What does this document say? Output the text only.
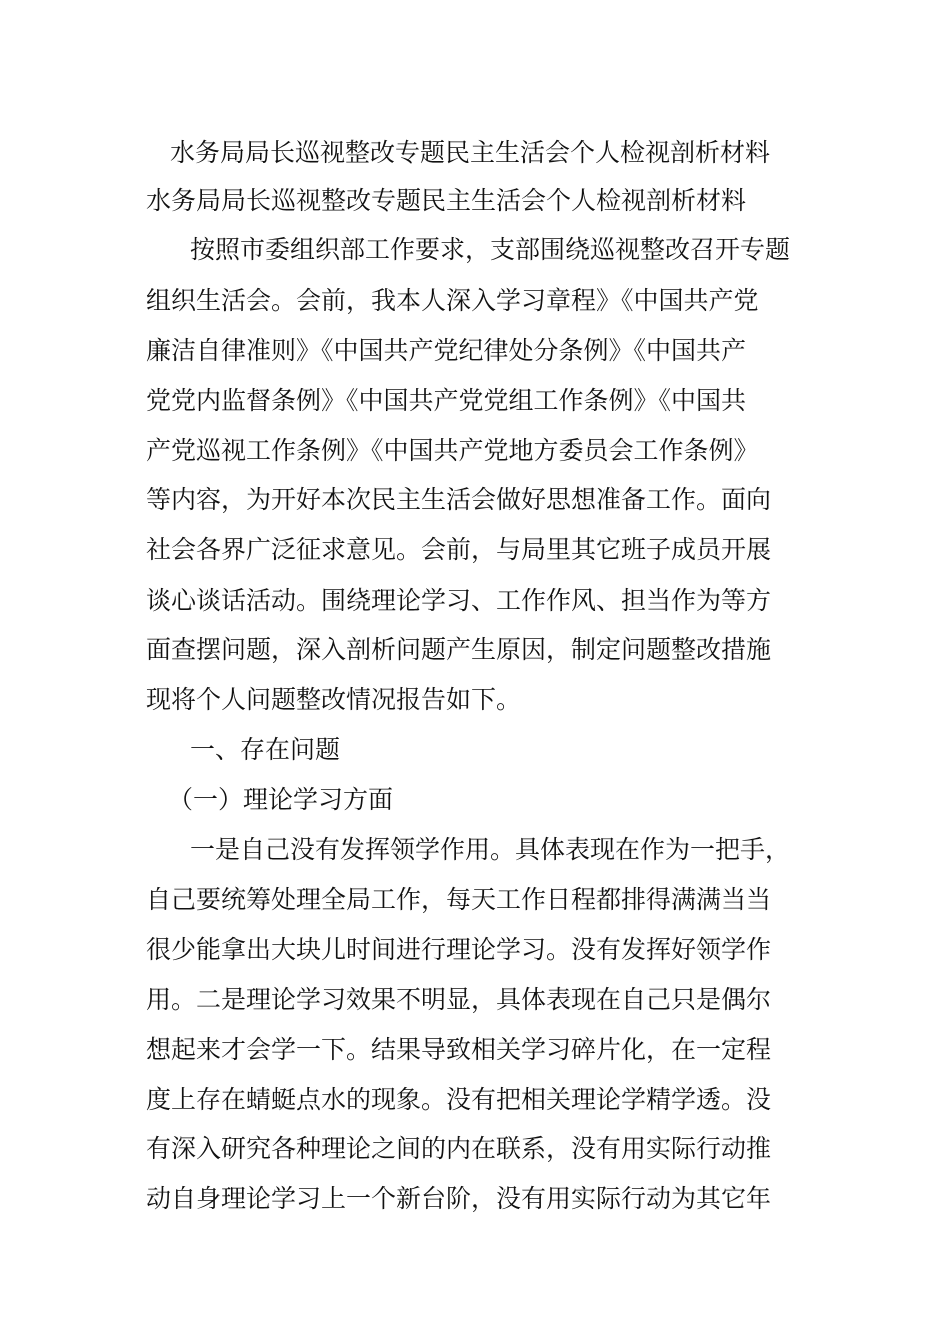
水务局局长巡视整改专题民主生活会个人检视剖析材料
水务局局长巡视整改专题民主生活会个人检视剖析材料
按照市委组织部工作要求，支部围绕巡视整改召开专题
组织生活会。会前，我本人深入学习章程》《中国共产党
廉洁自律准则》《中国共产党纪律处分条例》《中国共产
党党内监督条例》《中国共产党党组工作条例》《中国共
产党巡视工作条例》《中国共产党地方委员会工作条例》
等内容，为开好本次民主生活会做好思想准备工作。面向
社会各界广泛征求意见。会前，与局里其它班子成员开展
谈心谈话活动。围绕理论学习、工作作风、担当作为等方
面查摆问题，深入剖析问题产生原因，制定问题整改措施
现将个人问题整改情况报告如下。
一、存在问题
（一）理论学习方面
一是自己没有发挥领学作用。具体表现在作为一把手，
自己要统筹处理全局工作，每天工作日程都排得满满当当
很少能拿出大块儿时间进行理论学习。没有发挥好领学作
用。二是理论学习效果不明显，具体表现在自己只是偶尔
想起来才会学一下。结果导致相关学习碎片化，在一定程
度上存在蜻蜓点水的现象。没有把相关理论学精学透。没
有深入研究各种理论之间的内在联系，没有用实际行动推
动自身理论学习上一个新台阶，没有用实际行动为其它年
